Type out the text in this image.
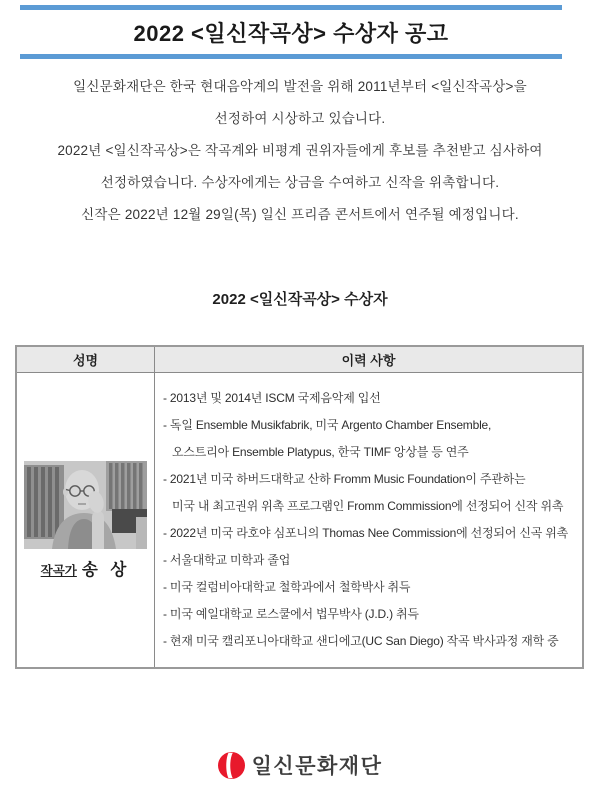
2022 <일신작곡상> 수상자 공고

일신문화재단은 한국 현대음악계의 발전을 위해 2011년부터 <일신작곡상>을

선정하여 시상하고 있습니다.

2022년 <일신작곡상>은 작곡계와 비평계 권위자들에게 후보를 추천받고 심사하여

선정하였습니다. 수상자에게는 상금을 수여하고 신작을 위촉합니다.

신작은 2022년 12월 29일(목) 일신 프리즘 콘서트에서 연주될 예정입니다.

2022 <일신작곡상> 수상자
성명	이력 사항
작곡가 송 상
- 2013년 및 2014년 ISCM 국제음악제 입선
- 독일 Ensemble Musikfabrik, 미국 Argento Chamber Ensemble,
오스트리아 Ensemble Platypus, 한국 TIMF 앙상블 등 연주
- 2021년 미국 하버드대학교 산하 Fromm Music Foundation이 주관하는
미국 내 최고권위 위촉 프로그램인 Fromm Commission에 선정되어 신작 위촉
- 2022년 미국 라호야 심포니의 Thomas Nee Commission에 선정되어 신곡 위촉
- 서울대학교 미학과 졸업
- 미국 컬럼비아대학교 철학과에서 철학박사 취득
- 미국 예일대학교 로스쿨에서 법무박사 (J.D.) 취득
- 현재 미국 캘리포니아대학교 샌디에고(UC San Diego) 작곡 박사과정 재학 중
일신문화재단
